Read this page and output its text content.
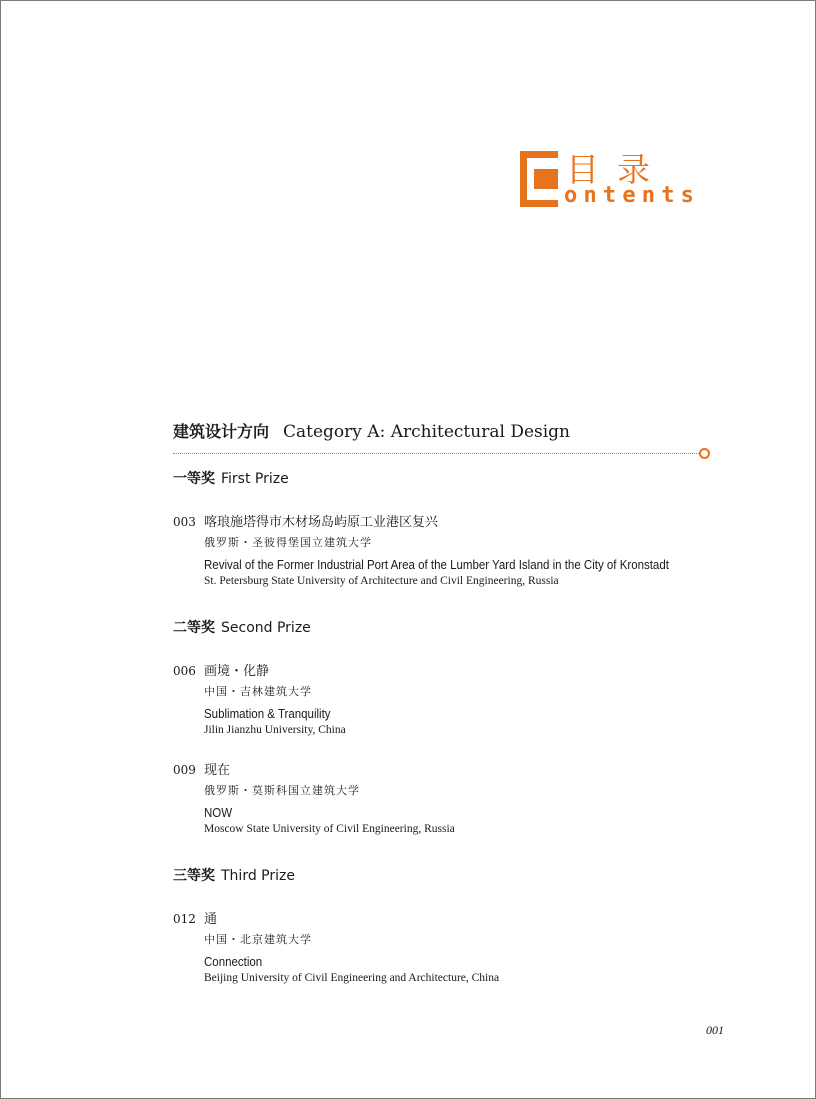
目录
ontents
建筑设计方向 Category A: Architectural Design
一等奖 First Prize
003 喀琅施塔得市木材场岛屿原工业港区复兴
俄罗斯・圣彼得堡国立建筑大学
Revival of the Former Industrial Port Area of the Lumber Yard Island in the City of Kronstadt
St. Petersburg State University of Architecture and Civil Engineering, Russia
二等奖 Second Prize
006 画境・化静
中国・吉林建筑大学
Sublimation & Tranquility
Jilin Jianzhu University, China
009 现在
俄罗斯・莫斯科国立建筑大学
NOW
Moscow State University of Civil Engineering, Russia
三等奖 Third Prize
012 通
中国・北京建筑大学
Connection
Beijing University of Civil Engineering and Architecture, China
001
